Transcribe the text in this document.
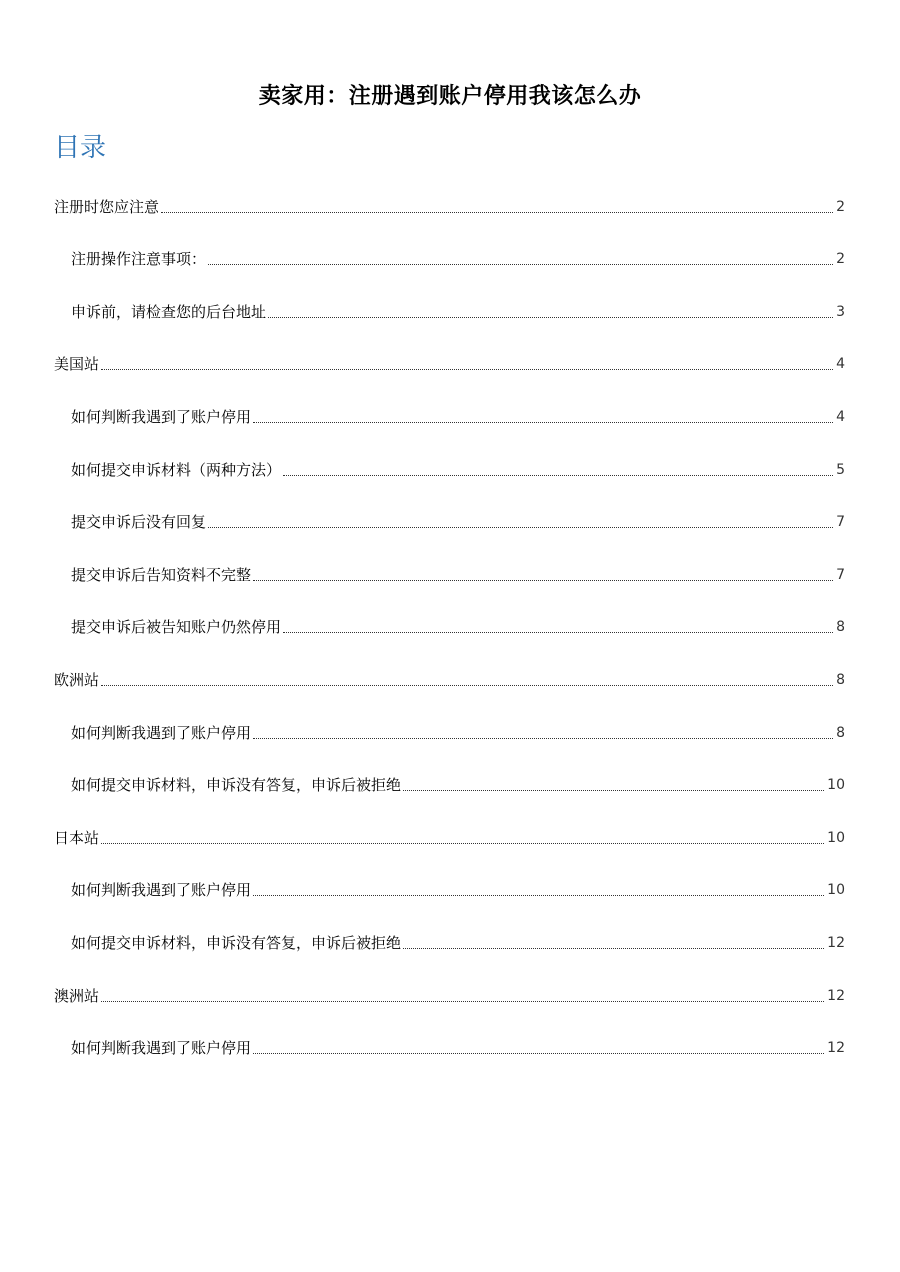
卖家用：注册遇到账户停用我该怎么办
目录
注册时您应注意	2
注册操作注意事项：	2
申诉前，请检查您的后台地址	3
美国站	4
如何判断我遇到了账户停用	4
如何提交申诉材料（两种方法）	5
提交申诉后没有回复	7
提交申诉后告知资料不完整	7
提交申诉后被告知账户仍然停用	8
欧洲站	8
如何判断我遇到了账户停用	8
如何提交申诉材料，申诉没有答复，申诉后被拒绝	10
日本站	10
如何判断我遇到了账户停用	10
如何提交申诉材料，申诉没有答复，申诉后被拒绝	12
澳洲站	12
如何判断我遇到了账户停用	12
